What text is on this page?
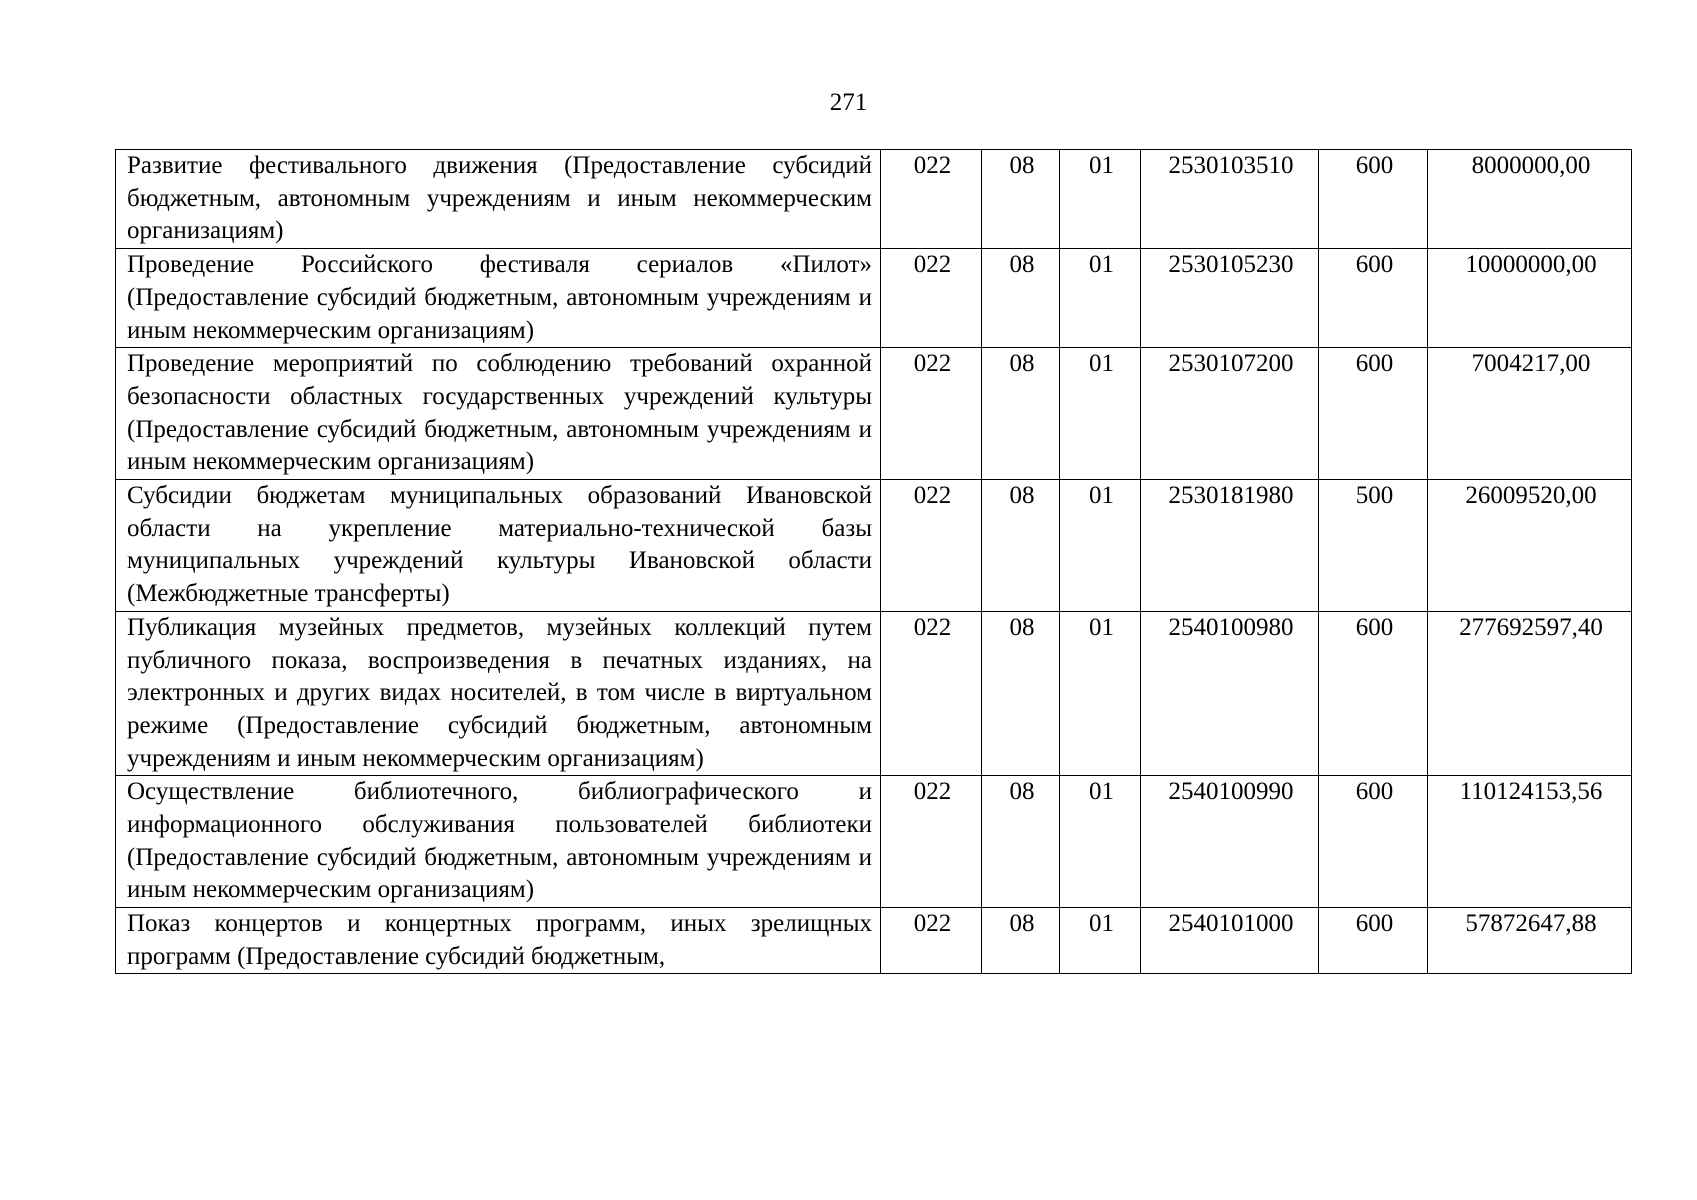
271
Развитие фестивального движения (Предоставление субсидий бюджетным, автономным учреждениям и иным некоммерческим организациям)	022	08	01	2530103510	600	8000000,00
Проведение Российского фестиваля сериалов «Пилот» (Предоставление субсидий бюджетным, автономным учреждениям и иным некоммерческим организациям)	022	08	01	2530105230	600	10000000,00
Проведение мероприятий по соблюдению требований охранной безопасности областных государственных учреждений культуры (Предоставление субсидий бюджетным, автономным учреждениям и иным некоммерческим организациям)	022	08	01	2530107200	600	7004217,00
Субсидии бюджетам муниципальных образований Ивановской области на укрепление материально-технической базы муниципальных учреждений культуры Ивановской области (Межбюджетные трансферты)	022	08	01	2530181980	500	26009520,00
Публикация музейных предметов, музейных коллекций путем публичного показа, воспроизведения в печатных изданиях, на электронных и других видах носителей, в том числе в виртуальном режиме (Предоставление субсидий бюджетным, автономным учреждениям и иным некоммерческим организациям)	022	08	01	2540100980	600	277692597,40
Осуществление библиотечного, библиографического и информационного обслуживания пользователей библиотеки (Предоставление субсидий бюджетным, автономным учреждениям и иным некоммерческим организациям)	022	08	01	2540100990	600	110124153,56

Показ концертов и концертных программ, иных зрелищных программ (Предоставление субсидий бюджетным,	022	08	01	2540101000	600	57872647,88
